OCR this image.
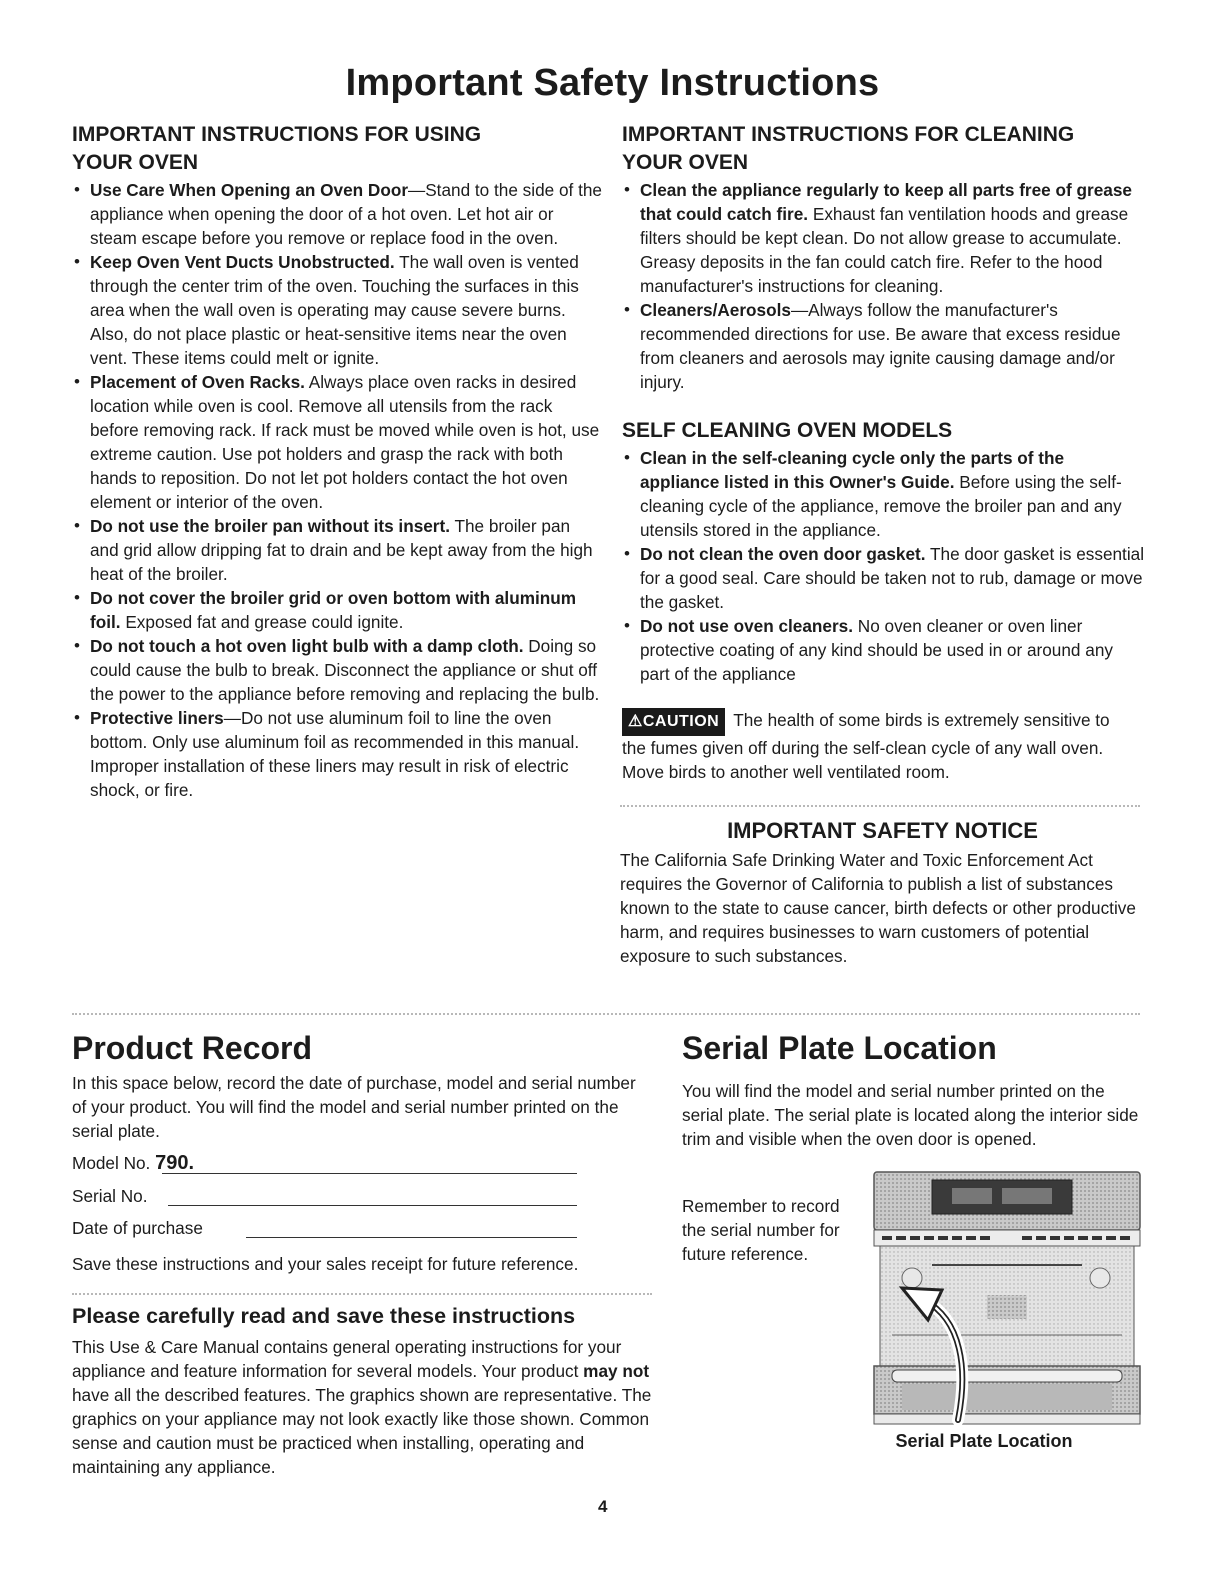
Important Safety Instructions
IMPORTANT INSTRUCTIONS FOR USING
YOUR OVEN
• Use Care When Opening an Oven Door—Stand to the side of the appliance when opening the door of a hot oven. Let hot air or steam escape before you remove or replace food in the oven.
• Keep Oven Vent Ducts Unobstructed. The wall oven is vented through the center trim of the oven. Touching the surfaces in this area when the wall oven is operating may cause severe burns. Also, do not place plastic or heat-sensitive items near the oven vent. These items could melt or ignite.
• Placement of Oven Racks. Always place oven racks in desired location while oven is cool. Remove all utensils from the rack before removing rack. If rack must be moved while oven is hot, use extreme caution. Use pot holders and grasp the rack with both hands to reposition. Do not let pot holders contact the hot oven element or interior of the oven.
• Do not use the broiler pan without its insert. The broiler pan and grid allow dripping fat to drain and be kept away from the high heat of the broiler.
• Do not cover the broiler grid or oven bottom with aluminum foil. Exposed fat and grease could ignite.
• Do not touch a hot oven light bulb with a damp cloth. Doing so could cause the bulb to break. Disconnect the appliance or shut off the power to the appliance before removing and replacing the bulb.
• Protective liners—Do not use aluminum foil to line the oven bottom. Only use aluminum foil as recommended in this manual. Improper installation of these liners may result in risk of electric shock, or fire.
IMPORTANT INSTRUCTIONS FOR CLEANING
YOUR OVEN
• Clean the appliance regularly to keep all parts free of grease that could catch fire. Exhaust fan ventilation hoods and grease filters should be kept clean. Do not allow grease to accumulate. Greasy deposits in the fan could catch fire. Refer to the hood manufacturer's instructions for cleaning.
• Cleaners/Aerosols—Always follow the manufacturer's recommended directions for use. Be aware that excess residue from cleaners and aerosols may ignite causing damage and/or injury.
SELF CLEANING OVEN MODELS
• Clean in the self-cleaning cycle only the parts of the appliance listed in this Owner's Guide. Before using the self-cleaning cycle of the appliance, remove the broiler pan and any utensils stored in the appliance.
• Do not clean the oven door gasket. The door gasket is essential for a good seal. Care should be taken not to rub, damage or move the gasket.
• Do not use oven cleaners. No oven cleaner or oven liner protective coating of any kind should be used in or around any part of the appliance

⚠CAUTION The health of some birds is extremely sensitive to the fumes given off during the self-clean cycle of any wall oven. Move birds to another well ventilated room.

IMPORTANT SAFETY NOTICE

The California Safe Drinking Water and Toxic Enforcement Act requires the Governor of California to publish a list of substances known to the state to cause cancer, birth defects or other productive harm, and requires businesses to warn customers of potential exposure to such substances.

Product Record

In this space below, record the date of purchase, model and serial number of your product. You will find the model and serial number printed on the serial plate.

Model No. 790.
Serial No.
Date of purchase

Save these instructions and your sales receipt for future reference.

Please carefully read and save these instructions

This Use & Care Manual contains general operating instructions for your appliance and feature information for several models. Your product may not have all the described features. The graphics shown are representative. The graphics on your appliance may not look exactly like those shown. Common sense and caution must be practiced when installing, operating and maintaining any appliance.

4
Serial Plate Location

You will find the model and serial number printed on the serial plate. The serial plate is located along the interior side trim and visible when the oven door is opened.

Remember to record the serial number for future reference.

Serial Plate Location
